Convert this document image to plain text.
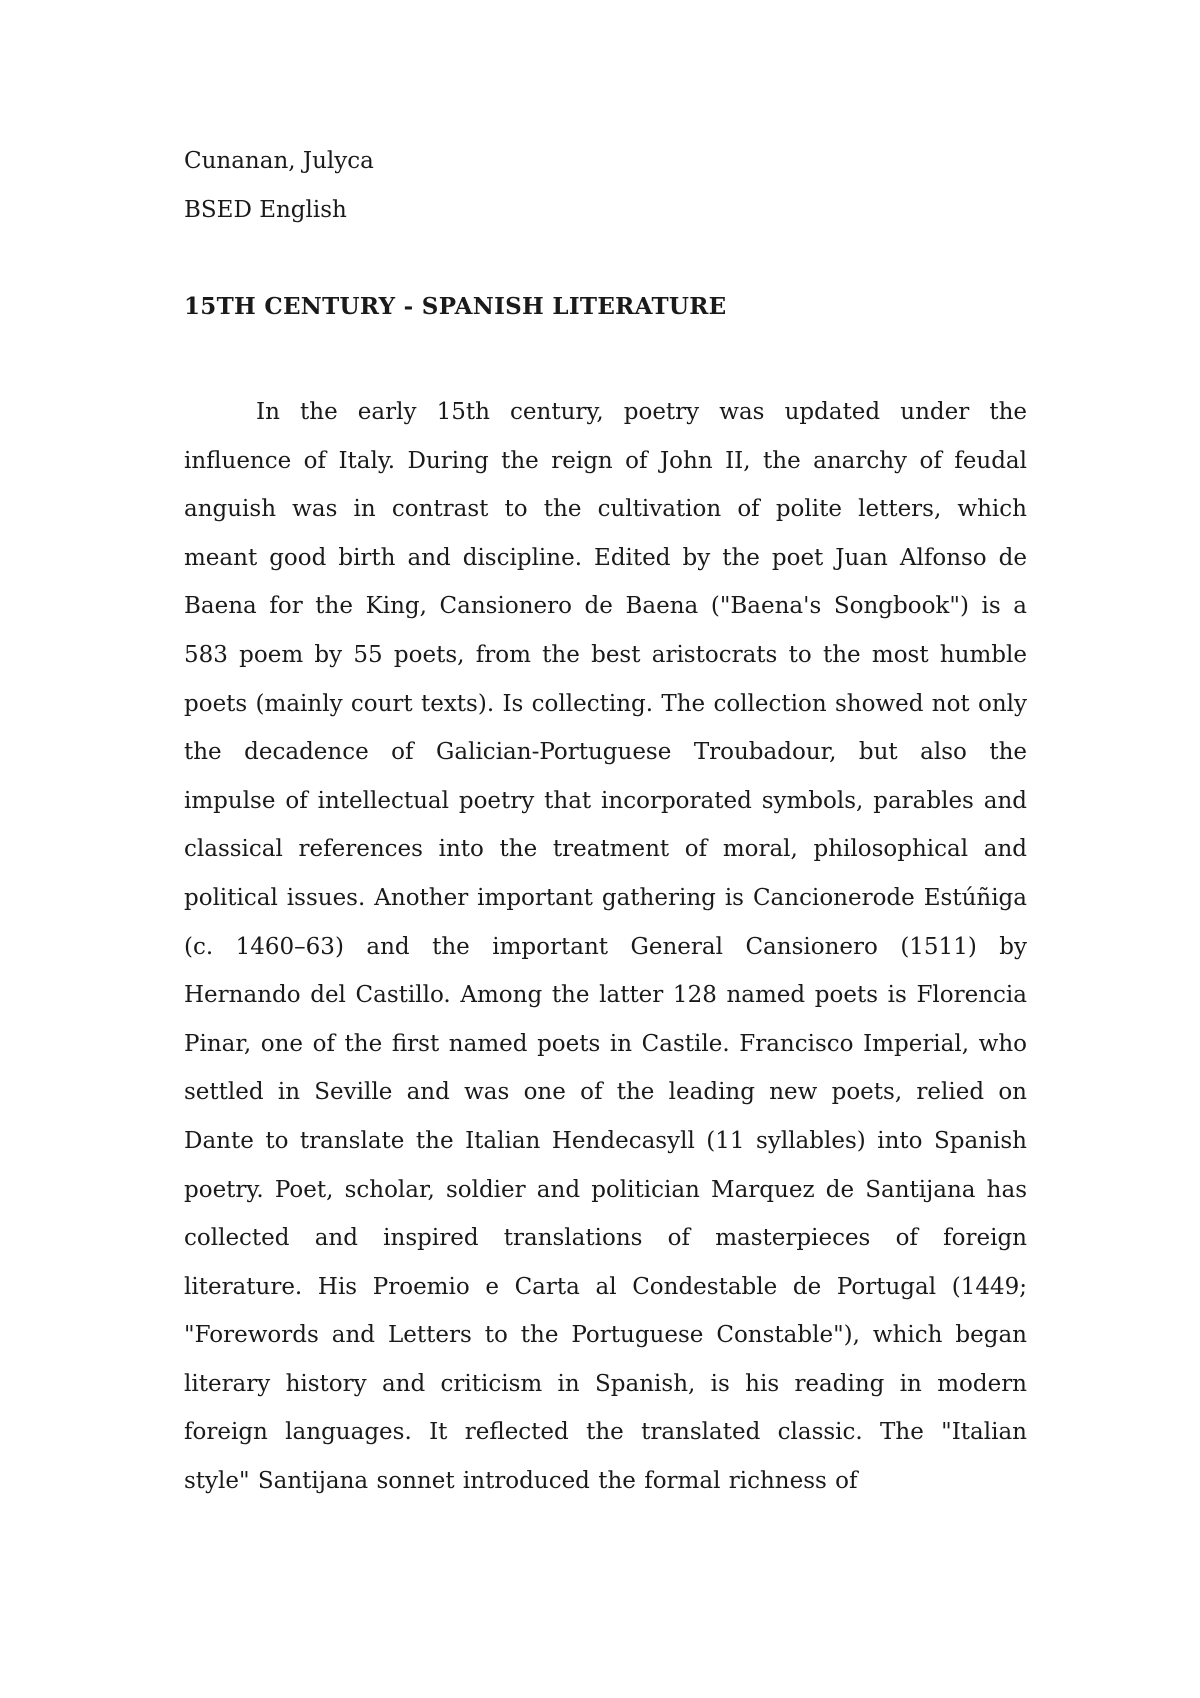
Cunanan, Julyca

BSED English

15TH CENTURY - SPANISH LITERATURE

In the early 15th century, poetry was updated under the influence of Italy. During the reign of John II, the anarchy of feudal anguish was in contrast to the cultivation of polite letters, which meant good birth and discipline. Edited by the poet Juan Alfonso de Baena for the King, Cansionero de Baena ("Baena's Songbook") is a 583 poem by 55 poets, from the best aristocrats to the most humble poets (mainly court texts). Is collecting. The collection showed not only the decadence of Galician-Portuguese Troubadour, but also the impulse of intellectual poetry that incorporated symbols, parables and classical references into the treatment of moral, philosophical and political issues. Another important gathering is Cancionerode Estúñiga (c. 1460–63) and the important General Cansionero (1511) by Hernando del Castillo. Among the latter 128 named poets is Florencia Pinar, one of the first named poets in Castile. Francisco Imperial, who settled in Seville and was one of the leading new poets, relied on Dante to translate the Italian Hendecasyll (11 syllables) into Spanish poetry. Poet, scholar, soldier and politician Marquez de Santijana has collected and inspired translations of masterpieces of foreign literature. His Proemio e Carta al Condestable de Portugal (1449; "Forewords and Letters to the Portuguese Constable"), which began literary history and criticism in Spanish, is his reading in modern foreign languages. It reflected the translated classic. The "Italian style" Santijana sonnet introduced the formal richness of
